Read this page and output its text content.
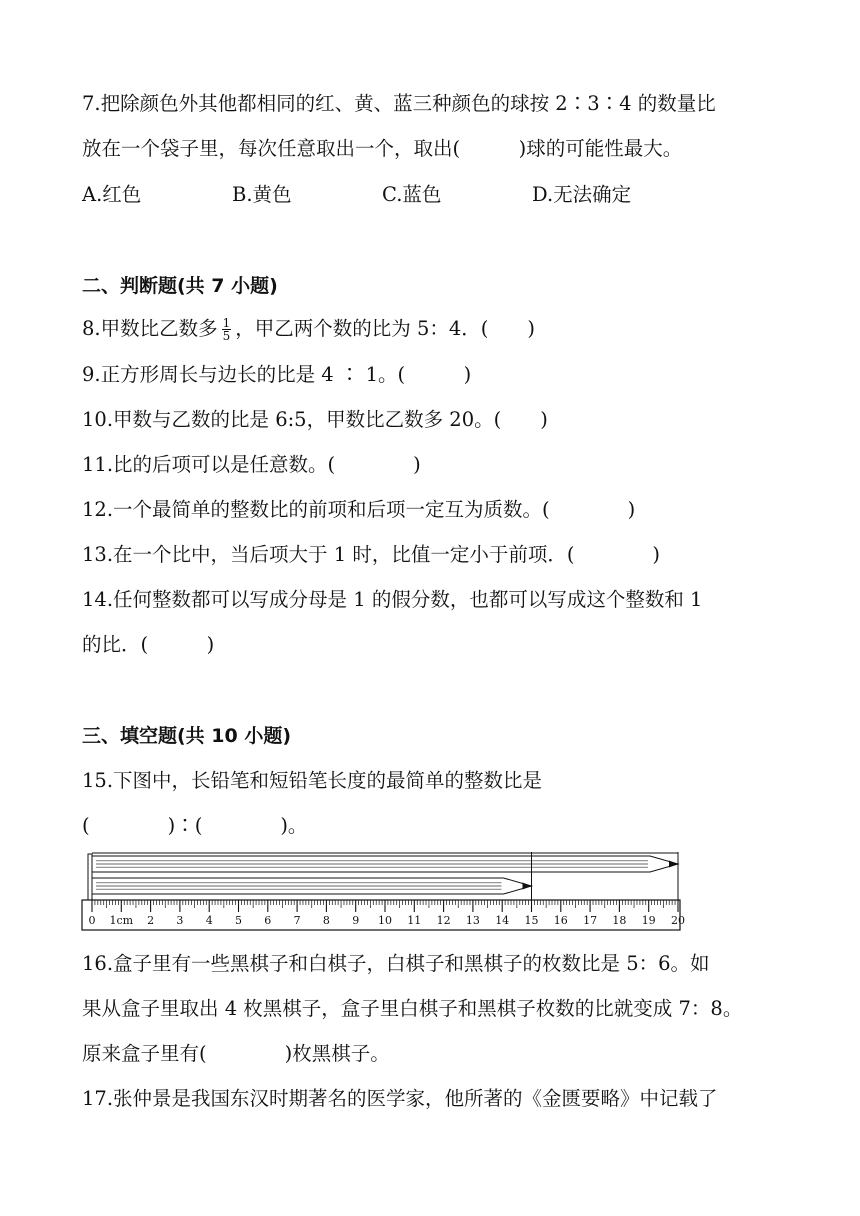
7.把除颜色外其他都相同的红、黄、蓝三种颜色的球按 2∶3∶4 的数量比
放在一个袋子里，每次任意取出一个，取出(　　　)球的可能性最大。
A.红色	B.黄色	C.蓝色	D.无法确定
二、判断题(共 7 小题)
8.甲数比乙数多 $\frac{1}{5}$ ，甲乙两个数的比为 5：4．(　　)
9.正方形周长与边长的比是 4 ∶ 1。(　　　)
10.甲数与乙数的比是 6:5，甲数比乙数多 20。(　　)
11.比的后项可以是任意数。(　　　　)
12.一个最简单的整数比的前项和后项一定互为质数。(　　　　)
13.在一个比中，当后项大于 1 时，比值一定小于前项．(　　　　)
14.任何整数都可以写成分母是 1 的假分数，也都可以写成这个整数和 1
的比．(　　　)
三、填空题(共 10 小题)
15.下图中，长铅笔和短铅笔长度的最简单的整数比是
(　　　　)∶(　　　　)。
0 1cm 2 3 4 5 6 7 8 9 10 11 12 13 14 15 16 17 18 19 20
16.盒子里有一些黑棋子和白棋子，白棋子和黑棋子的枚数比是 5：6。如
果从盒子里取出 4 枚黑棋子，盒子里白棋子和黑棋子枚数的比就变成 7：8。
原来盒子里有(　　　　)枚黑棋子。
17.张仲景是我国东汉时期著名的医学家，他所著的《金匮要略》中记载了
